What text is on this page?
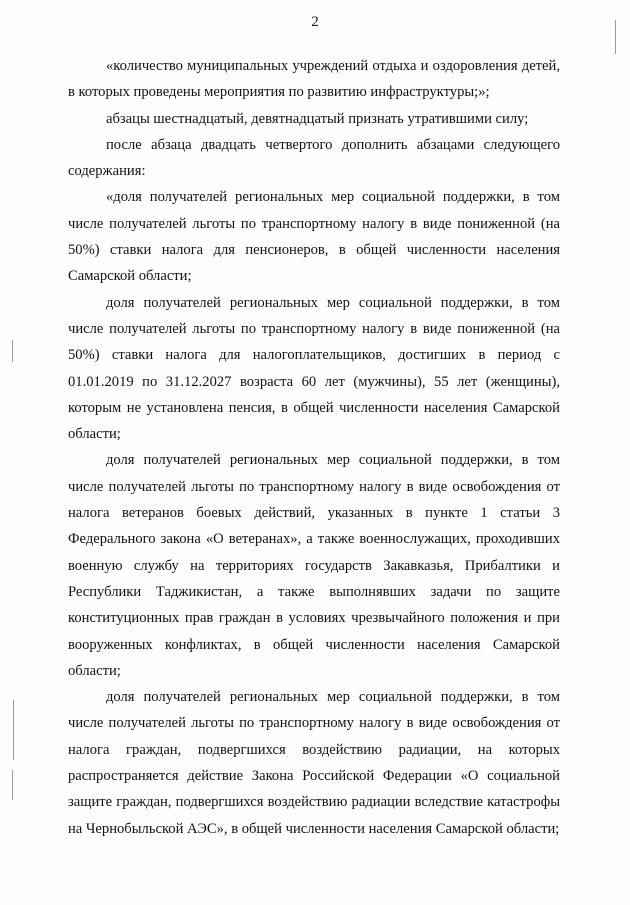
2

«количество муниципальных учреждений отдыха и оздоровления детей, в которых проведены мероприятия по развитию инфраструктуры;»;

абзацы шестнадцатый, девятнадцатый признать утратившими силу;

после абзаца двадцать четвертого дополнить абзацами следующего содержания:

«доля получателей региональных мер социальной поддержки, в том числе получателей льготы по транспортному налогу в виде пониженной (на 50%) ставки налога для пенсионеров, в общей численности населения Самарской области;

доля получателей региональных мер социальной поддержки, в том числе получателей льготы по транспортному налогу в виде пониженной (на 50%) ставки налога для налогоплательщиков, достигших в период с 01.01.2019 по 31.12.2027 возраста 60 лет (мужчины), 55 лет (женщины), которым не установлена пенсия, в общей численности населения Самарской области;

доля получателей региональных мер социальной поддержки, в том числе получателей льготы по транспортному налогу в виде освобождения от налога ветеранов боевых действий, указанных в пункте 1 статьи 3 Федерального закона «О ветеранах», а также военнослужащих, проходивших военную службу на территориях государств Закавказья, Прибалтики и Республики Таджикистан, а также выполнявших задачи по защите конституционных прав граждан в условиях чрезвычайного положения и при вооруженных конфликтах, в общей численности населения Самарской области;

доля получателей региональных мер социальной поддержки, в том числе получателей льготы по транспортному налогу в виде освобождения от налога граждан, подвергшихся воздействию радиации, на которых распространяется действие Закона Российской Федерации «О социальной защите граждан, подвергшихся воздействию радиации вследствие катастрофы на Чернобыльской АЭС», в общей численности населения Самарской области;
